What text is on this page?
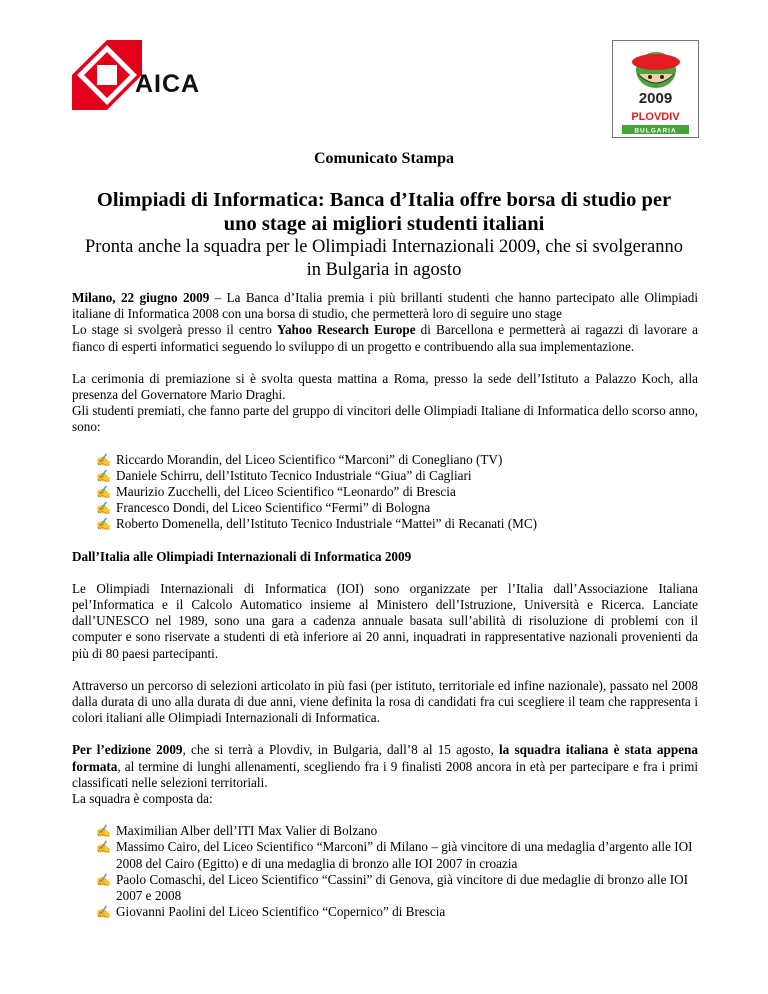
AICA
2009
PLOVDIV
BULGARIA
Comunicato Stampa
Olimpiadi di Informatica: Banca d’Italia offre borsa di studio per uno stage ai migliori studenti italiani
Pronta anche la squadra per le Olimpiadi Internazionali 2009, che si svolgeranno in Bulgaria in agosto

Milano, 22 giugno 2009 – La Banca d’Italia premia i più brillanti studenti che hanno partecipato alle Olimpiadi italiane di Informatica 2008 con una borsa di studio, che permetterà loro di seguire uno stage

Lo stage si svolgerà presso il centro Yahoo Research Europe di Barcellona e permetterà ai ragazzi di lavorare a fianco di esperti informatici seguendo lo sviluppo di un progetto e contribuendo alla sua implementazione.

La cerimonia di premiazione si è svolta questa mattina a Roma, presso la sede dell’Istituto a Palazzo Koch, alla presenza del Governatore Mario Draghi.

Gli studenti premiati, che fanno parte del gruppo di vincitori delle Olimpiadi Italiane di Informatica dello scorso anno, sono:

✍ Riccardo Morandin, del Liceo Scientifico “Marconi” di Conegliano (TV)
✍ Daniele Schirru, dell’Istituto Tecnico Industriale “Giua” di Cagliari
✍ Maurizio Zucchelli, del Liceo Scientifico “Leonardo” di Brescia
✍ Francesco Dondi, del Liceo Scientifico “Fermi” di Bologna
✍ Roberto Domenella, dell’Istituto Tecnico Industriale “Mattei” di Recanati (MC)
Dall’Italia alle Olimpiadi Internazionali di Informatica 2009

Le Olimpiadi Internazionali di Informatica (IOI) sono organizzate per l’Italia dall’Associazione Italiana pel’Informatica e il Calcolo Automatico insieme al Ministero dell’Istruzione, Università e Ricerca. Lanciate dall’UNESCO nel 1989, sono una gara a cadenza annuale basata sull’abilità di risoluzione di problemi con il computer e sono riservate a studenti di età inferiore ai 20 anni, inquadrati in rappresentative nazionali provenienti da più di 80 paesi partecipanti.

Attraverso un percorso di selezioni articolato in più fasi (per istituto, territoriale ed infine nazionale), passato nel 2008 dalla durata di uno alla durata di due anni, viene definita la rosa di candidati fra cui scegliere il team che rappresenta i colori italiani alle Olimpiadi Internazionali di Informatica.

Per l’edizione 2009, che si terrà a Plovdiv, in Bulgaria, dall’8 al 15 agosto, la squadra italiana è stata appena formata, al termine di lunghi allenamenti, scegliendo fra i 9 finalisti 2008 ancora in età per partecipare e fra i primi classificati nelle selezioni territoriali.

La squadra è composta da:

✍ Maximilian Alber dell’ITI Max Valier di Bolzano
✍ Massimo Cairo, del Liceo Scientifico “Marconi” di Milano – già vincitore di una medaglia d’argento alle IOI 2008 del Cairo (Egitto) e di una medaglia di bronzo alle IOI 2007 in croazia
✍ Paolo Comaschi, del Liceo Scientifico “Cassini” di Genova, già vincitore di due medaglie di bronzo alle IOI 2007 e 2008
✍ Giovanni Paolini del Liceo Scientifico “Copernico” di Brescia
